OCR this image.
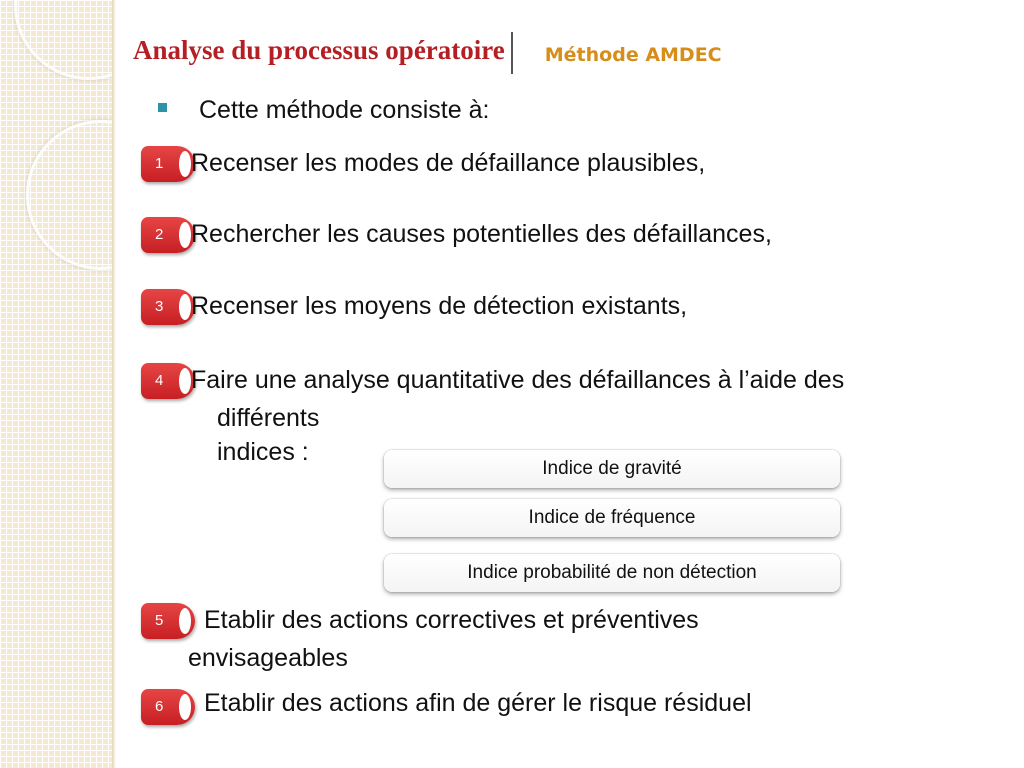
Analyse du processus opératoire Méthode AMDEC
Cette méthode consiste à:
1	Recenser les modes de défaillance plausibles,
2	Rechercher les causes potentielles des défaillances,
3	Recenser les moyens de détection existants,
4	Faire une analyse quantitative des défaillances à l’aide des
différents indices :
Indice de gravité
Indice de fréquence
Indice probabilité de non détection
5	Etablir des actions correctives et préventives
envisageables
6	Etablir des actions afin de gérer le risque résiduel
